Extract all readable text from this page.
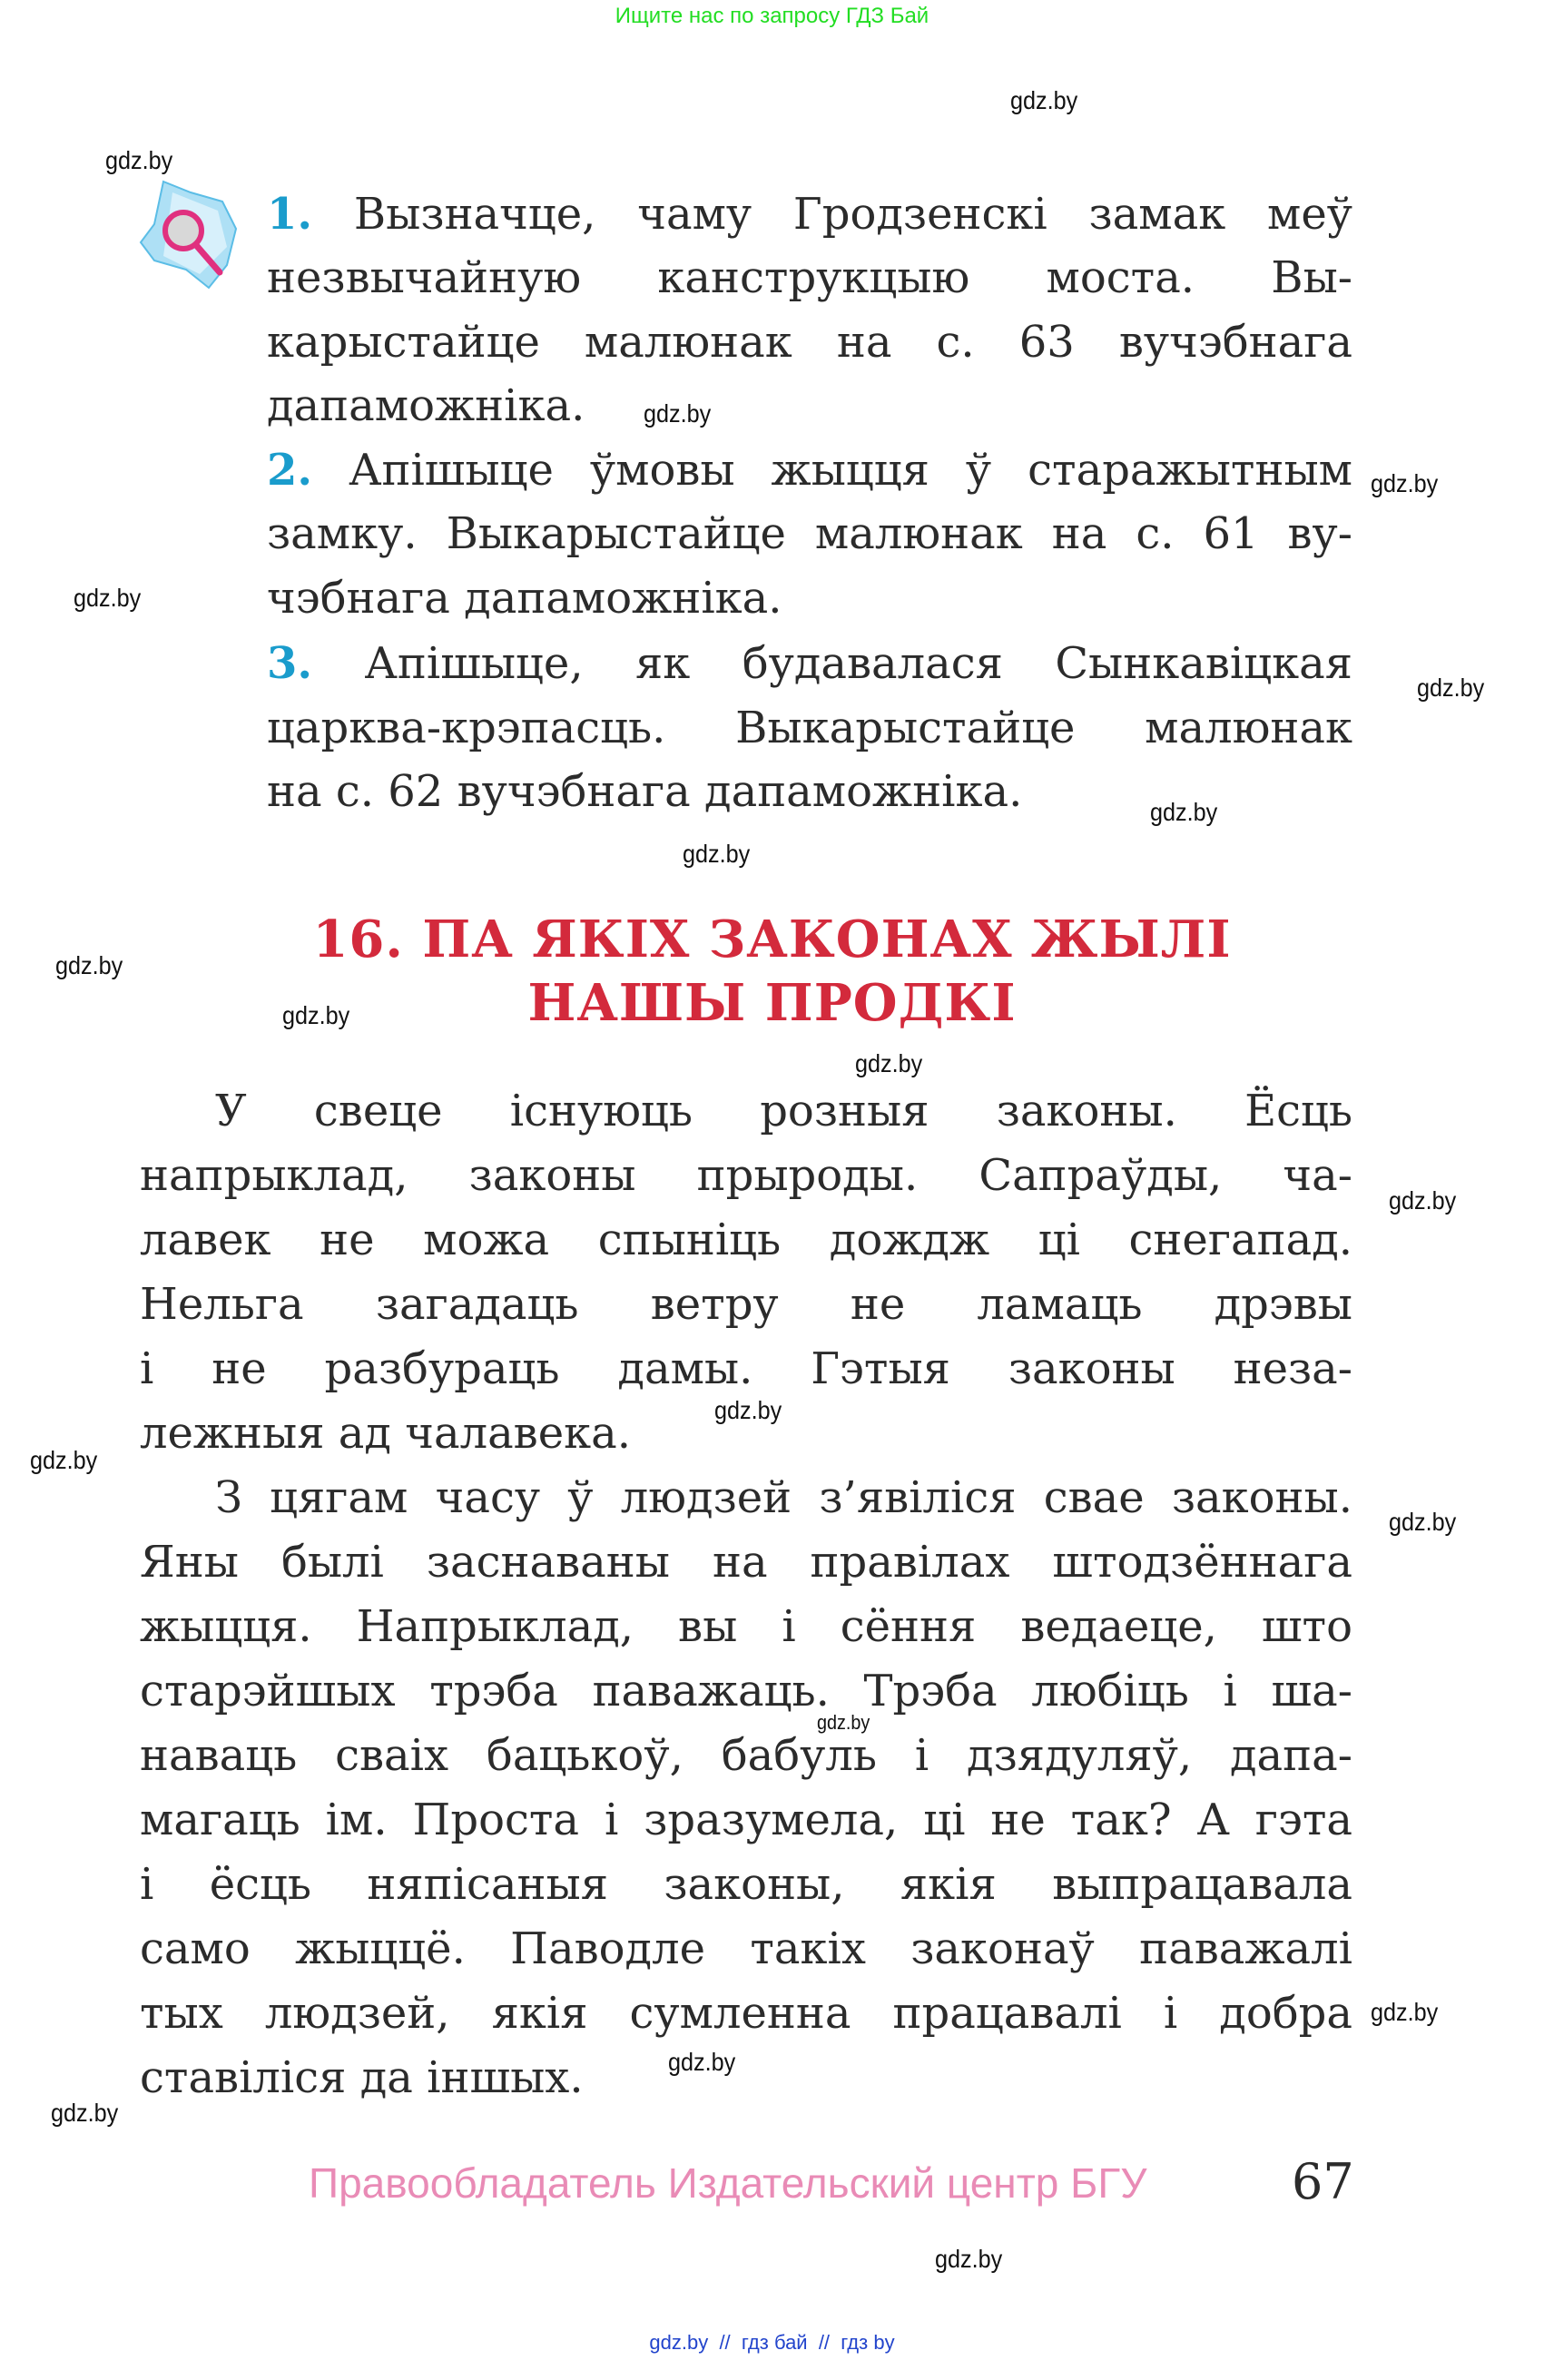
Ищите нас по запросу ГДЗ Бай
1. Вызначце, чаму Гродзенскі замак меў
незвычайную канструкцыю моста. Вы-
карыстайце малюнак на с. 63 вучэбнага
дапаможніка.
2. Апішыце ўмовы жыцця ў старажытным
замку. Выкарыстайце малюнак на с. 61 ву-
чэбнага дапаможніка.
3. Апішыце, як будавалася Сынкавіцкая
царква-крэпасць. Выкарыстайце малюнак
на с. 62 вучэбнага дапаможніка.
16. ПА ЯКІХ ЗАКОНАХ ЖЫЛІ
НАШЫ ПРОДКІ
У свеце існуюць розныя законы. Ёсць
напрыклад, законы прыроды. Сапраўды, ча-
лавек не можа спыніць дождж ці снегапад.
Нельга загадаць ветру не ламаць дрэвы
і не разбураць дамы. Гэтыя законы неза-
лежныя ад чалавека.
З цягам часу ў людзей з’явіліся свае законы.
Яны былі заснаваны на правілах штодзённага
жыцця. Напрыклад, вы і сёння ведаеце, што
старэйшых трэба паважаць. Трэба любіць і ша-
наваць сваіх бацькоў, бабуль і дзядуляў, дапа-
магаць ім. Проста і зразумела, ці не так? А гэта
і ёсць няпісаныя законы, якія выпрацавала
само жыццё. Паводле такіх законаў паважалі
тых людзей, якія сумленна працавалі і добра
ставіліся да іншых.
gdz.by
gdz.by
gdz.by
gdz.by
gdz.by
gdz.by
gdz.by
gdz.by
gdz.by
gdz.by
gdz.by
gdz.by
gdz.by
gdz.by
gdz.by
gdz.by
gdz.by
gdz.by
gdz.by
gdz.by
Правообладатель Издательский центр БГУ	67
gdz.by  //  гдз бай  //  гдз by
